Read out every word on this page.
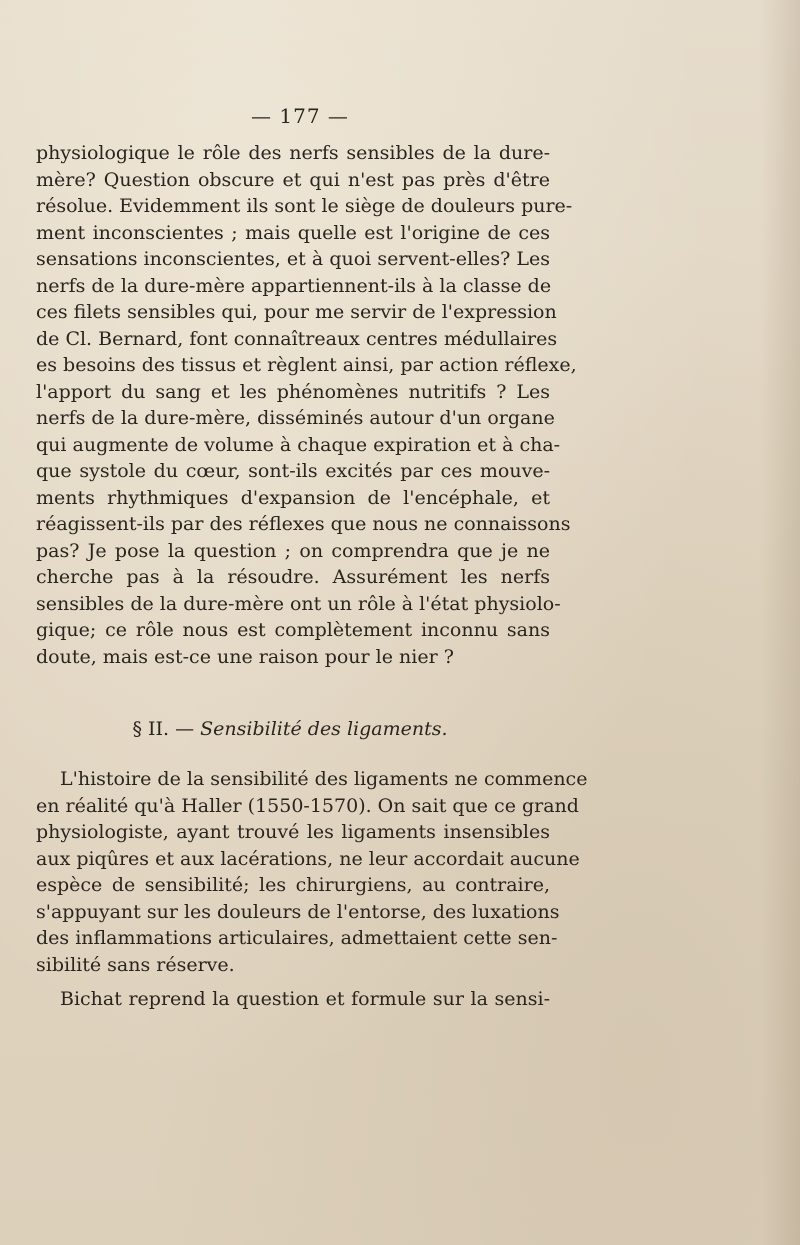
— 177 —
physiologique le rôle des nerfs sensibles de la dure-
mère? Question obscure et qui n'est pas près d'être
résolue. Evidemment ils sont le siège de douleurs pure-
ment inconscientes ; mais quelle est l'origine de ces
sensations inconscientes, et à quoi servent-elles? Les
nerfs de la dure-mère appartiennent-ils à la classe de
ces filets sensibles qui, pour me servir de l'expression
de Cl. Bernard, font connaîtreaux centres médullaires
es besoins des tissus et règlent ainsi, par action réflexe,
l'apport du sang et les phénomènes nutritifs ? Les
nerfs de la dure-mère, disséminés autour d'un organe
qui augmente de volume à chaque expiration et à cha-
que systole du cœur, sont-ils excités par ces mouve-
ments rhythmiques d'expansion de l'encéphale, et
réagissent-ils par des réflexes que nous ne connaissons
pas? Je pose la question ; on comprendra que je ne
cherche pas à la résoudre. Assurément les nerfs
sensibles de la dure-mère ont un rôle à l'état physiolo-
gique; ce rôle nous est complètement inconnu sans
doute, mais est-ce une raison pour le nier ?
§ II. — Sensibilité des ligaments.
L'histoire de la sensibilité des ligaments ne commence
en réalité qu'à Haller (1550-1570). On sait que ce grand
physiologiste, ayant trouvé les ligaments insensibles
aux piqûres et aux lacérations, ne leur accordait aucune
espèce de sensibilité; les chirurgiens, au contraire,
s'appuyant sur les douleurs de l'entorse, des luxations
des inflammations articulaires, admettaient cette sen-
sibilité sans réserve.
Bichat reprend la question et formule sur la sensi-
